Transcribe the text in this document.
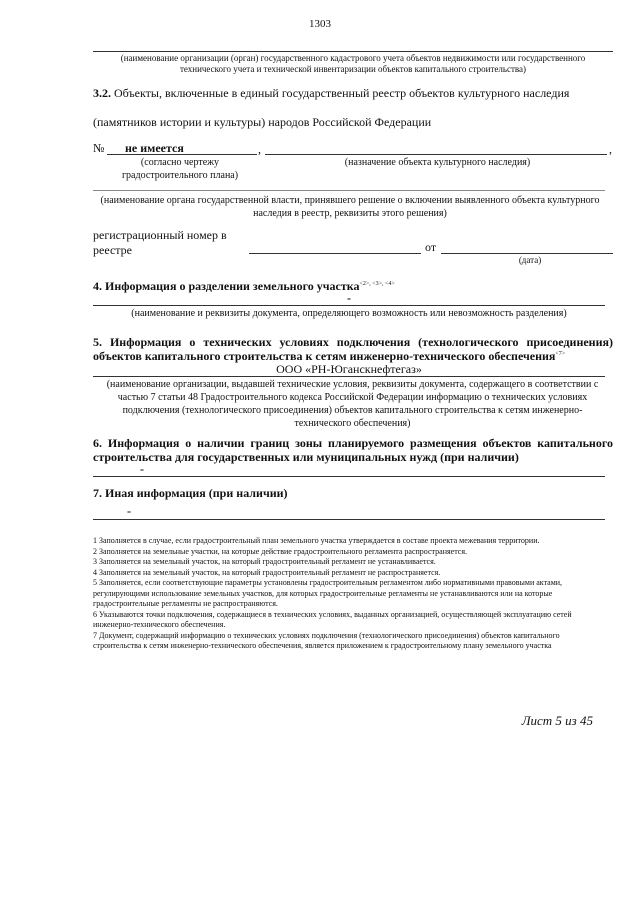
1303
(наименование организации (орган) государственного кадастрового учета объектов недвижимости или государственного технического учета и технической инвентаризации объектов капитального строительства)
3.2. Объекты, включенные в единый государственный реестр объектов культурного наследия
(памятников истории и культуры) народов Российской Федерации
№ не имеется	,	,
(согласно чертежу градостроительного плана)
(назначение объекта культурного наследия)
(наименование органа государственной власти, принявшего решение о включении выявленного объекта культурного наследия в реестр, реквизиты этого решения)
регистрационный номер в реестре	от
(дата)
4. Информация о разделении земельного участка$^{<2>, <3>, <4>}$
-
(наименование и реквизиты документа, определяющего возможность или невозможность разделения)
5. Информация о технических условиях подключения (технологического присоединения) объектов капитального строительства к сетям инженерно-технического обеспечения$^{<7>}$
ООО «РН-Юганскнефтегаз»
(наименование организации, выдавшей технические условия, реквизиты документа, содержащего в соответствии с частью 7 статьи 48 Градостроительного кодекса Российской Федерации информацию о технических условиях подключения (технологического присоединения) объектов капитального строительства к сетям инженерно-технического обеспечения)
6. Информация о наличии границ зоны планируемого размещения объектов капитального строительства для государственных или муниципальных нужд (при наличии)
-
7. Иная информация (при наличии)
-
1 Заполняется в случае, если градостроительный план земельного участка утверждается в составе проекта межевания территории.
2 Заполняется на земельные участки, на которые действие градостроительного регламента распространяется.
3 Заполняется на земельный участок, на который градостроительный регламент не устанавливается.
4 Заполняется на земельный участок, на который градостроительный регламент не распространяется.
5 Заполняется, если соответствующие параметры установлены градостроительным регламентом либо нормативными правовыми актами, регулирующими использование земельных участков, для которых градостроительные регламенты не устанавливаются или на которые градостроительные регламенты не распространяются.
6 Указываются точки подключения, содержащиеся в технических условиях, выданных организацией, осуществляющей эксплуатацию сетей инженерно-технического обеспечения.
7 Документ, содержащий информацию о технических условиях подключения (технологического присоединения) объектов капитального строительства к сетям инженерно-технического обеспечения, является приложением к градостроительному плану земельного участка
Лист 5 из 45
